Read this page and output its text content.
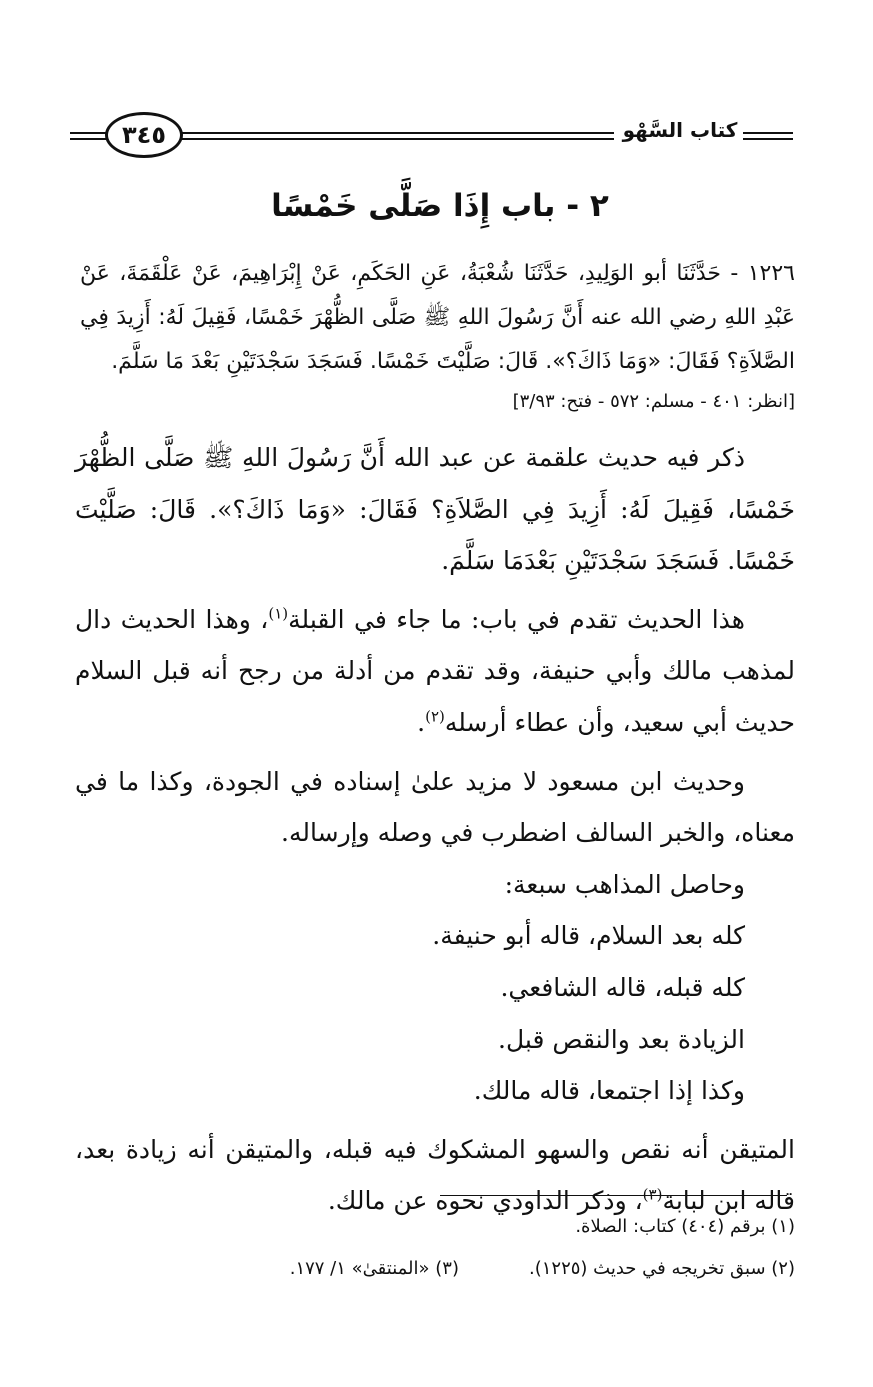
٣٤٥	كتاب السَّهْو
٢ - باب إِذَا صَلَّى خَمْسًا
١٢٢٦ - حَدَّثَنَا أبو الوَلِيدِ، حَدَّثَنَا شُعْبَةُ، عَنِ الحَكَمِ، عَنْ إِبْرَاهِيمَ، عَنْ عَلْقَمَةَ، عَنْ عَبْدِ اللهِ رضي الله عنه أَنَّ رَسُولَ اللهِ ﷺ صَلَّى الظُّهْرَ خَمْسًا، فَقِيلَ لَهُ: أَزِيدَ فِي الصَّلاَةِ؟ فَقَالَ: «وَمَا ذَاكَ؟». قَالَ: صَلَّيْتَ خَمْسًا. فَسَجَدَ سَجْدَتَيْنِ بَعْدَ مَا سَلَّمَ.
[انظر: ٤٠١ - مسلم: ٥٧٢ - فتح: ٣/٩٣]

ذكر فيه حديث علقمة عن عبد الله أَنَّ رَسُولَ اللهِ ﷺ صَلَّى الظُّهْرَ خَمْسًا، فَقِيلَ لَهُ: أَزِيدَ فِي الصَّلاَةِ؟ فَقَالَ: «وَمَا ذَاكَ؟». قَالَ: صَلَّيْتَ خَمْسًا. فَسَجَدَ سَجْدَتَيْنِ بَعْدَمَا سَلَّمَ.

هذا الحديث تقدم في باب: ما جاء في القبلة$^{(١)}$، وهذا الحديث دال لمذهب مالك وأبي حنيفة، وقد تقدم من أدلة من رجح أنه قبل السلام حديث أبي سعيد، وأن عطاء أرسله$^{(٢)}$.

وحديث ابن مسعود لا مزيد علىٰ إسناده في الجودة، وكذا ما في معناه، والخبر السالف اضطرب في وصله وإرساله.

وحاصل المذاهب سبعة:

كله بعد السلام، قاله أبو حنيفة.

كله قبله، قاله الشافعي.

الزيادة بعد والنقص قبل.

وكذا إذا اجتمعا، قاله مالك.

المتيقن أنه نقص والسهو المشكوك فيه قبله، والمتيقن أنه زيادة بعد، قاله ابن لبابة$^{(٣)}$، وذكر الداودي نحوه عن مالك.

(١) برقم (٤٠٤) كتاب: الصلاة.
(٢) سبق تخريجه في حديث (١٢٢٥).
(٣) «المنتقىٰ» ١/ ١٧٧.
